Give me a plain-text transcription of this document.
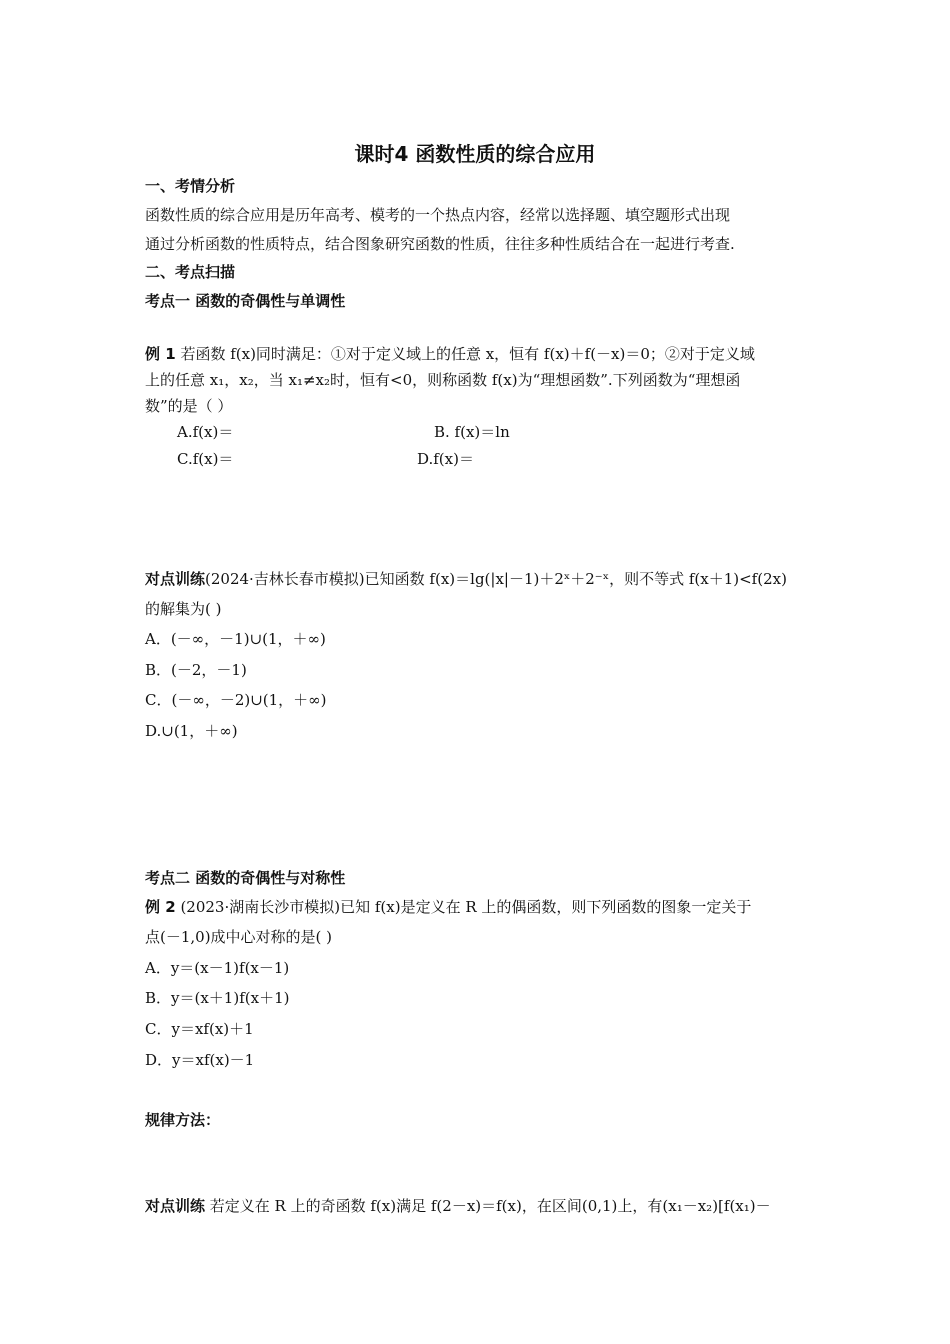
课时4 函数性质的综合应用
一、考情分析
函数性质的综合应用是历年高考、模考的一个热点内容，经常以选择题、填空题形式出现
通过分析函数的性质特点，结合图象研究函数的性质，往往多种性质结合在一起进行考查.
二、考点扫描
考点一 函数的奇偶性与单调性
例 1 若函数 f(x)同时满足：①对于定义域上的任意 x，恒有 f(x)＋f(－x)＝0；②对于定义域
上的任意 x₁，x₂，当 x₁≠x₂时，恒有<0，则称函数 f(x)为“理想函数”.下列函数为“理想函
数”的是（ ）
A.f(x)＝	B. f(x)＝ln
C.f(x)＝	D.f(x)＝
对点训练(2024·吉林长春市模拟)已知函数 f(x)＝lg(|x|－1)＋2ˣ＋2⁻ˣ，则不等式 f(x＋1)<f(2x)
的解集为( )
A．(－∞，－1)∪(1，＋∞)
B．(－2，－1)
C．(－∞，－2)∪(1，＋∞)
D.∪(1，＋∞)
考点二 函数的奇偶性与对称性
例 2 (2023·湖南长沙市模拟)已知 f(x)是定义在 R 上的偶函数，则下列函数的图象一定关于
点(－1,0)成中心对称的是( )
A．y＝(x－1)f(x－1)
B．y＝(x＋1)f(x＋1)
C．y＝xf(x)＋1
D．y＝xf(x)－1
规律方法：
对点训练 若定义在 R 上的奇函数 f(x)满足 f(2－x)＝f(x)，在区间(0,1)上，有(x₁－x₂)[f(x₁)－
